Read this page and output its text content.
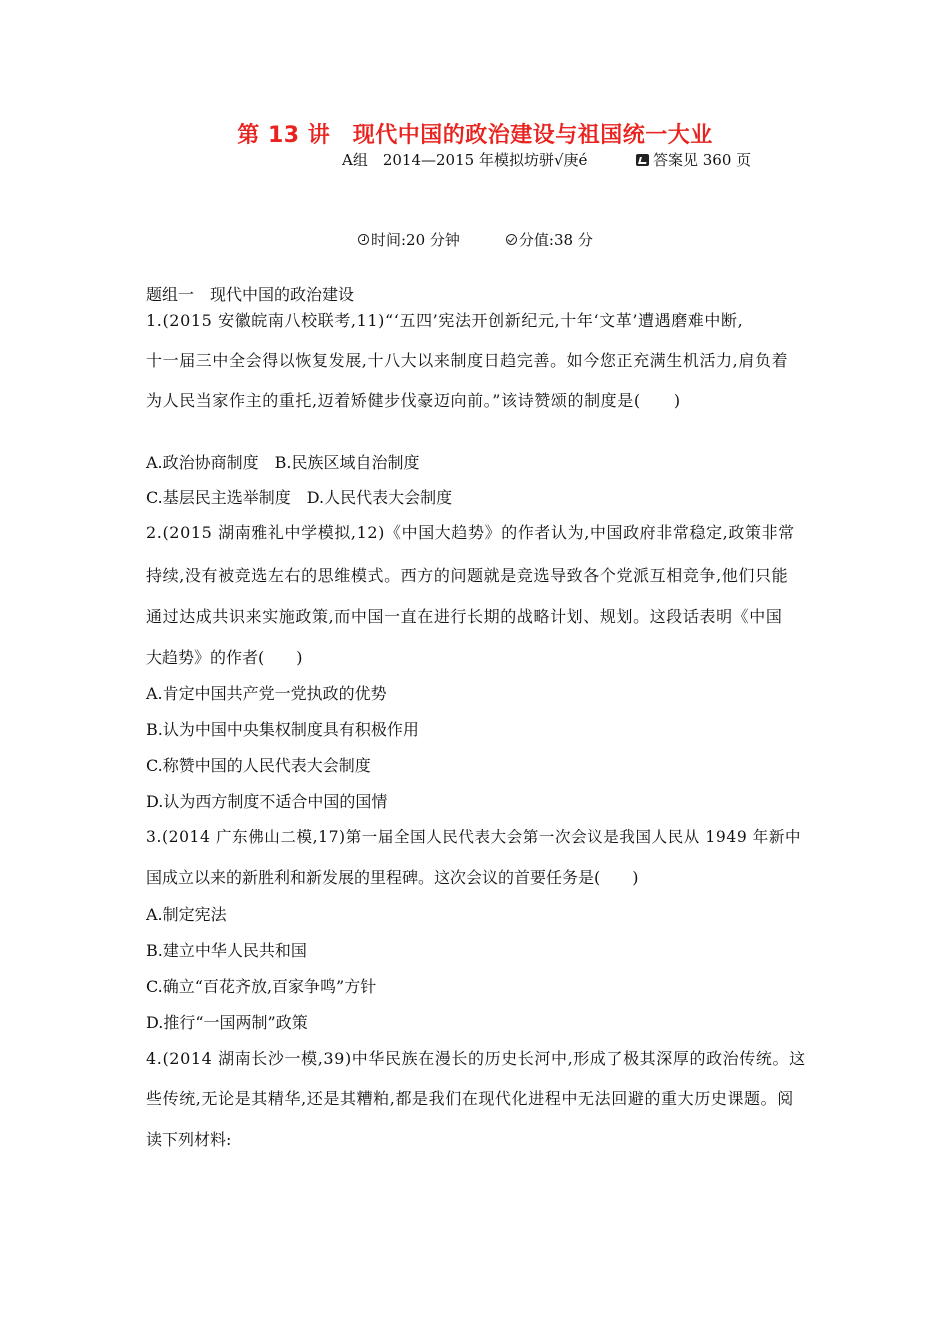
第 13 讲　现代中国的政治建设与祖国统一大业
A组　2014—2015 年模拟坊骈√庚é	答案见 360 页
时间:20 分钟	分值:38 分
题组一　现代中国的政治建设
1.(2015 安徽皖南八校联考,11)“‘五四’宪法开创新纪元,十年‘文革’遭遇磨难中断,
十一届三中全会得以恢复发展,十八大以来制度日趋完善。如今您正充满生机活力,肩负着
为人民当家作主的重托,迈着矫健步伐豪迈向前。”该诗赞颂的制度是(　　)
A.政治协商制度　B.民族区域自治制度
C.基层民主选举制度　D.人民代表大会制度
2.(2015 湖南雅礼中学模拟,12)《中国大趋势》的作者认为,中国政府非常稳定,政策非常
持续,没有被竞选左右的思维模式。西方的问题就是竞选导致各个党派互相竞争,他们只能
通过达成共识来实施政策,而中国一直在进行长期的战略计划、规划。这段话表明《中国
大趋势》的作者(　　)
A.肯定中国共产党一党执政的优势
B.认为中国中央集权制度具有积极作用
C.称赞中国的人民代表大会制度
D.认为西方制度不适合中国的国情
3.(2014 广东佛山二模,17)第一届全国人民代表大会第一次会议是我国人民从 1949 年新中
国成立以来的新胜利和新发展的里程碑。这次会议的首要任务是(　　)
A.制定宪法
B.建立中华人民共和国
C.确立“百花齐放,百家争鸣”方针
D.推行“一国两制”政策
4.(2014 湖南长沙一模,39)中华民族在漫长的历史长河中,形成了极其深厚的政治传统。这
些传统,无论是其精华,还是其糟粕,都是我们在现代化进程中无法回避的重大历史课题。阅
读下列材料:
